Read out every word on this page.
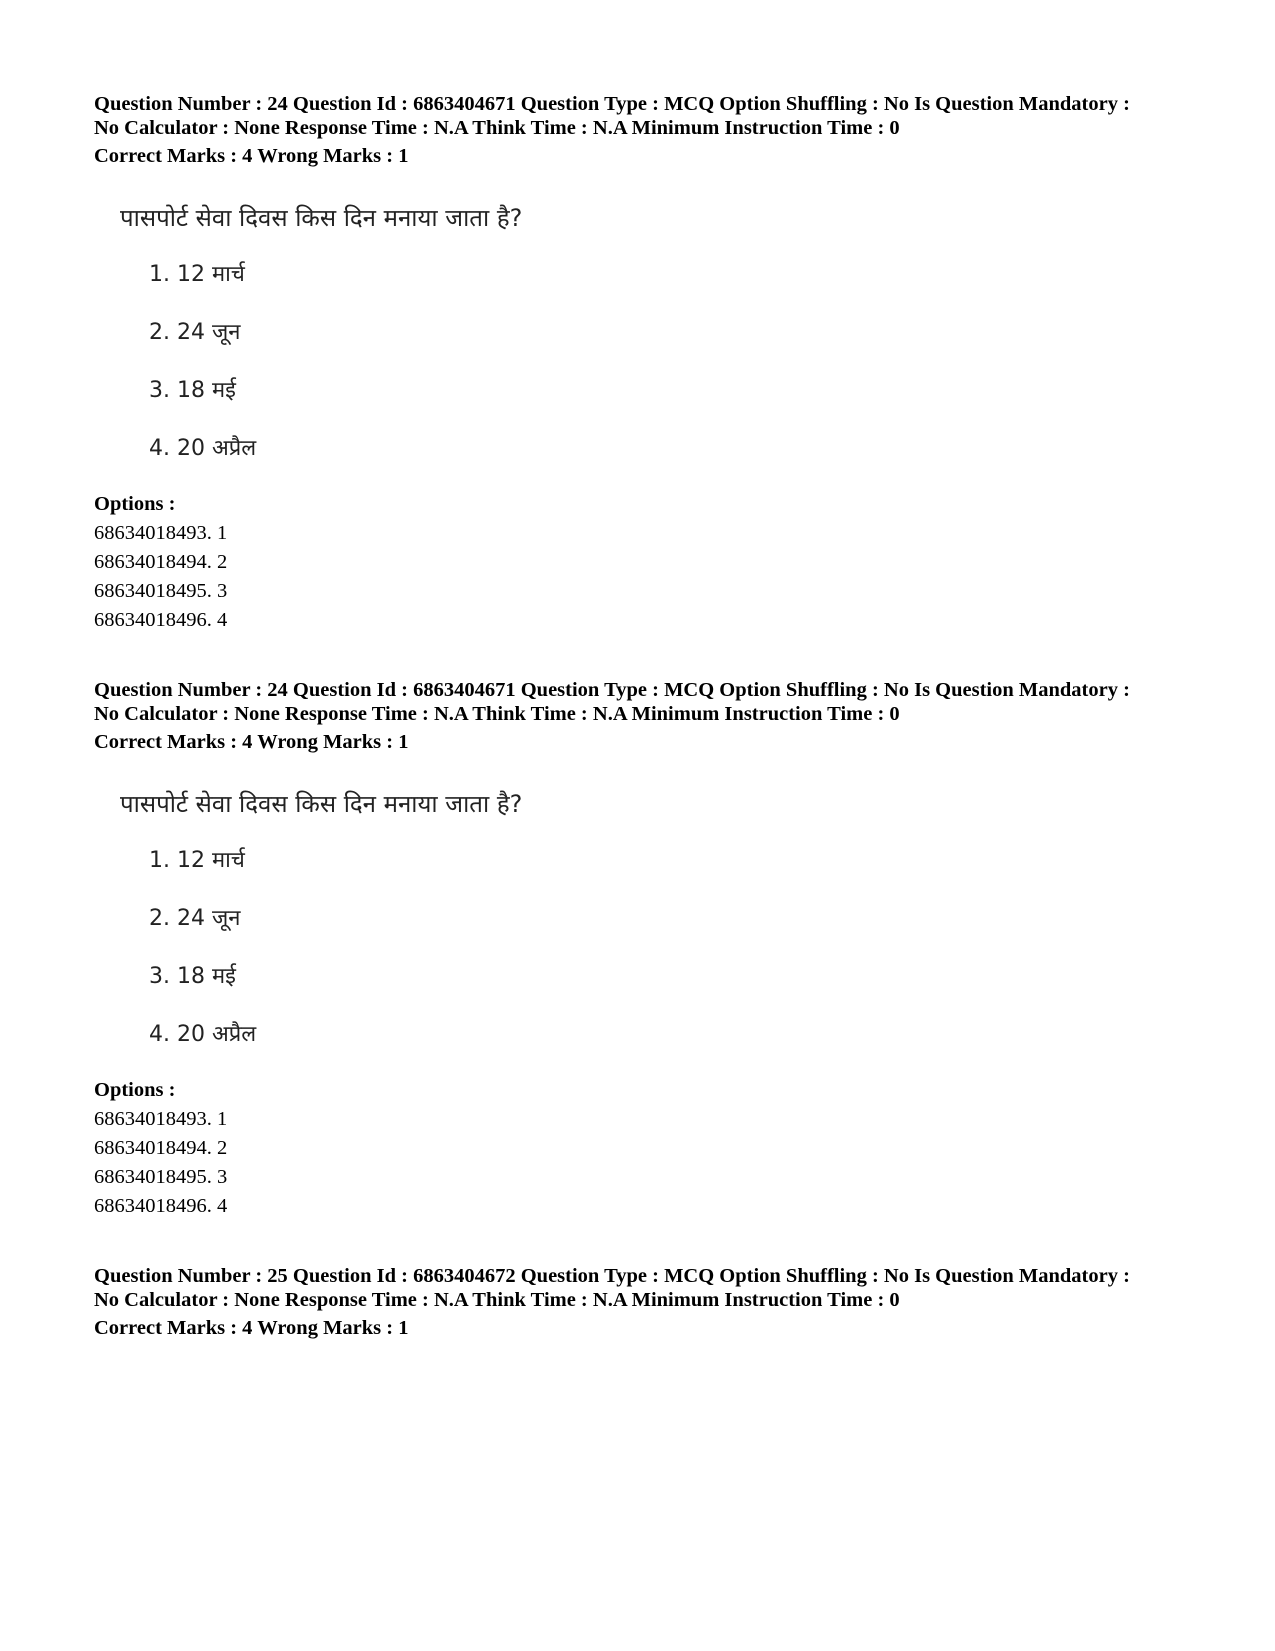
Question Number : 24 Question Id : 6863404671 Question Type : MCQ Option Shuffling : No Is Question Mandatory :
No Calculator : None Response Time : N.A Think Time : N.A Minimum Instruction Time : 0
Correct Marks : 4 Wrong Marks : 1
पासपोर्ट सेवा दिवस किस दिन मनाया जाता है?
1. 12 मार्च
2. 24 जून
3. 18 मई
4. 20 अप्रैल
Options :
68634018493. 1
68634018494. 2
68634018495. 3
68634018496. 4
Question Number : 24 Question Id : 6863404671 Question Type : MCQ Option Shuffling : No Is Question Mandatory :
No Calculator : None Response Time : N.A Think Time : N.A Minimum Instruction Time : 0
Correct Marks : 4 Wrong Marks : 1
पासपोर्ट सेवा दिवस किस दिन मनाया जाता है?
1. 12 मार्च
2. 24 जून
3. 18 मई
4. 20 अप्रैल
Options :
68634018493. 1
68634018494. 2
68634018495. 3
68634018496. 4
Question Number : 25 Question Id : 6863404672 Question Type : MCQ Option Shuffling : No Is Question Mandatory :
No Calculator : None Response Time : N.A Think Time : N.A Minimum Instruction Time : 0
Correct Marks : 4 Wrong Marks : 1
